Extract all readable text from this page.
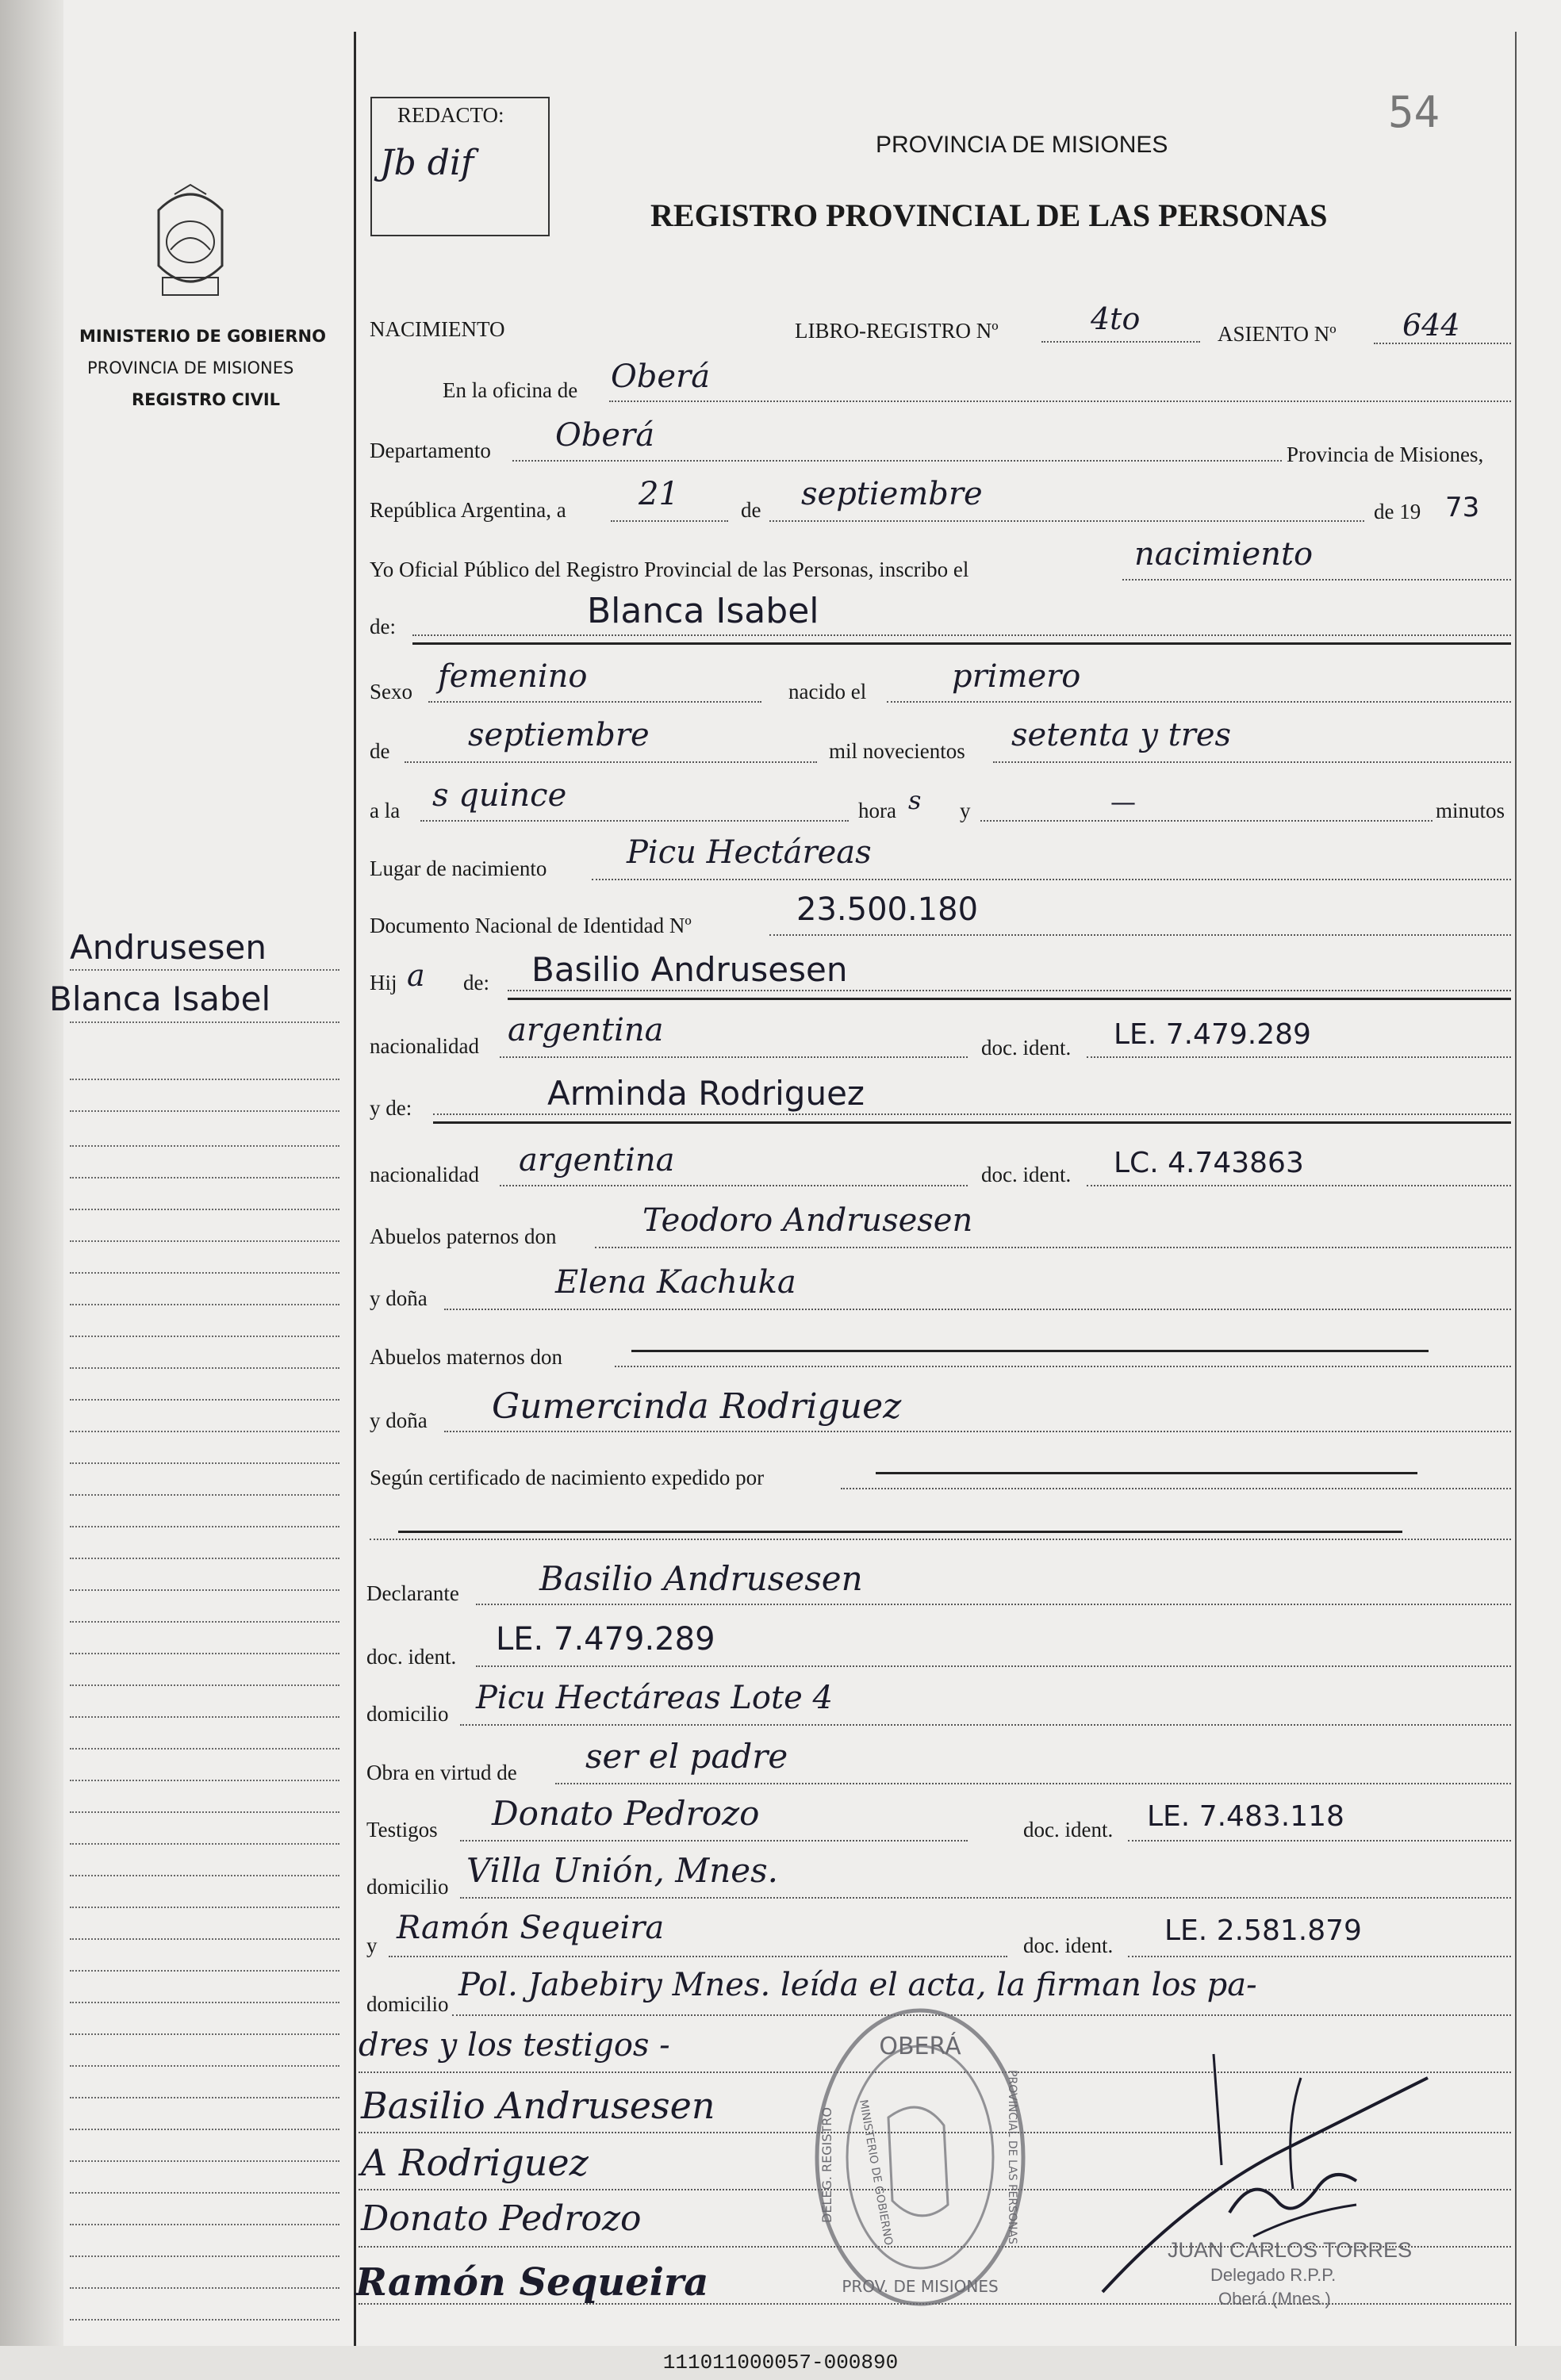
MINISTERIO DE GOBIERNO
PROVINCIA DE MISIONES
REGISTRO CIVIL
Andrusesen
Blanca Isabel
REDACTO:
Jb dif
54
PROVINCIA DE MISIONES
REGISTRO PROVINCIAL DE LAS PERSONAS
NACIMIENTO	LIBRO-REGISTRO Nº	4to	ASIENTO Nº 644
En la oficina de Oberá
Departamento Oberá
Provincia de Misiones,
República Argentina, a 21	de septiembre	de 19 73
Yo Oficial Público del Registro Provincial de las Personas, inscribo el	nacimiento
de:	Blanca Isabel
Sexo femenino	nacido el	primero
de septiembre	mil novecientos setenta y tres
a la s quince	hora s y	—	minutos
Lugar de nacimiento	Picu Hectáreas
Documento Nacional de Identidad Nº	23.500.180
Hij a de: Basilio Andrusesen
nacionalidad argentina	doc. ident. LE. 7.479.289
y de:	Arminda Rodriguez
nacionalidad argentina	doc. ident. LC. 4.743863
Abuelos paternos don	Teodoro Andrusesen
y doña	Elena Kachuka
Abuelos maternos don
y doña Gumercinda Rodriguez
Según certificado de nacimiento expedido por
Declarante Basilio Andrusesen
doc. ident. LE. 7.479.289
domicilio Picu Hectáreas Lote 4
Obra en virtud de ser el padre
Testigos Donato Pedrozo	doc. ident. LE. 7.483.118
domicilio Villa Unión, Mnes.
y Ramón Sequeira	doc. ident. LE. 2.581.879
domicilio
Pol. Jabebiry Mnes. leída el acta, la firman los pa-
dres y los testigos -
Basilio Andrusesen
A Rodriguez
Donato Pedrozo
Ramón Sequeira
OBERÁ
PROV. DE MISIONES
DELEG. REGISTRO	PROVINCIAL DE LAS PERSONAS
MINISTERIO DE GOBIERNO
JUAN CARLOS TORRES
Delegado R.P.P.
Oberá (Mnes.)
111011000057-000890
